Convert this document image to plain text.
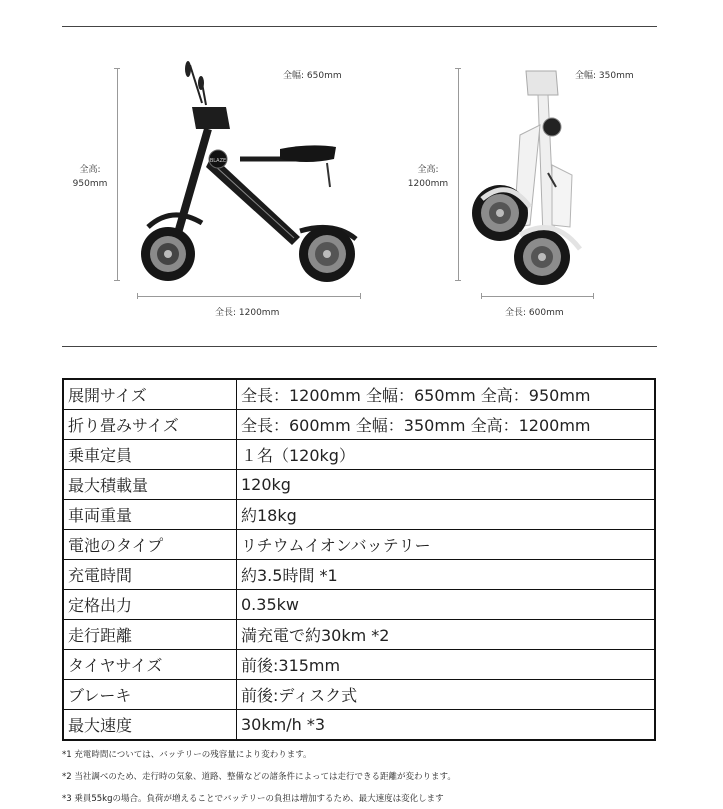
全幅: 650mm
全高:
950mm
全長: 1200mm
BLAZE
全幅: 350mm
全高:
1200mm
全長: 600mm
展開サイズ	全長：1200mm 全幅：650mm 全高：950mm
折り畳みサイズ	全長：600mm 全幅：350mm 全高：1200mm
乗車定員	１名（120kg）
最大積載量	120kg
車両重量	約18kg
電池のタイプ	リチウムイオンバッテリー
充電時間	約3.5時間 *1
定格出力	0.35kw
走行距離	満充電で約30km *2
タイヤサイズ	前後:315mm
ブレーキ	前後:ディスク式
最大速度	30km/h *3
*1 充電時間については、バッテリーの残容量により変わります。
*2 当社調べのため、走行時の気象、道路、整備などの諸条件によっては走行できる距離が変わります。
*3 乗員55kgの場合。負荷が増えることでバッテリーの負担は増加するため、最大速度は変化します
